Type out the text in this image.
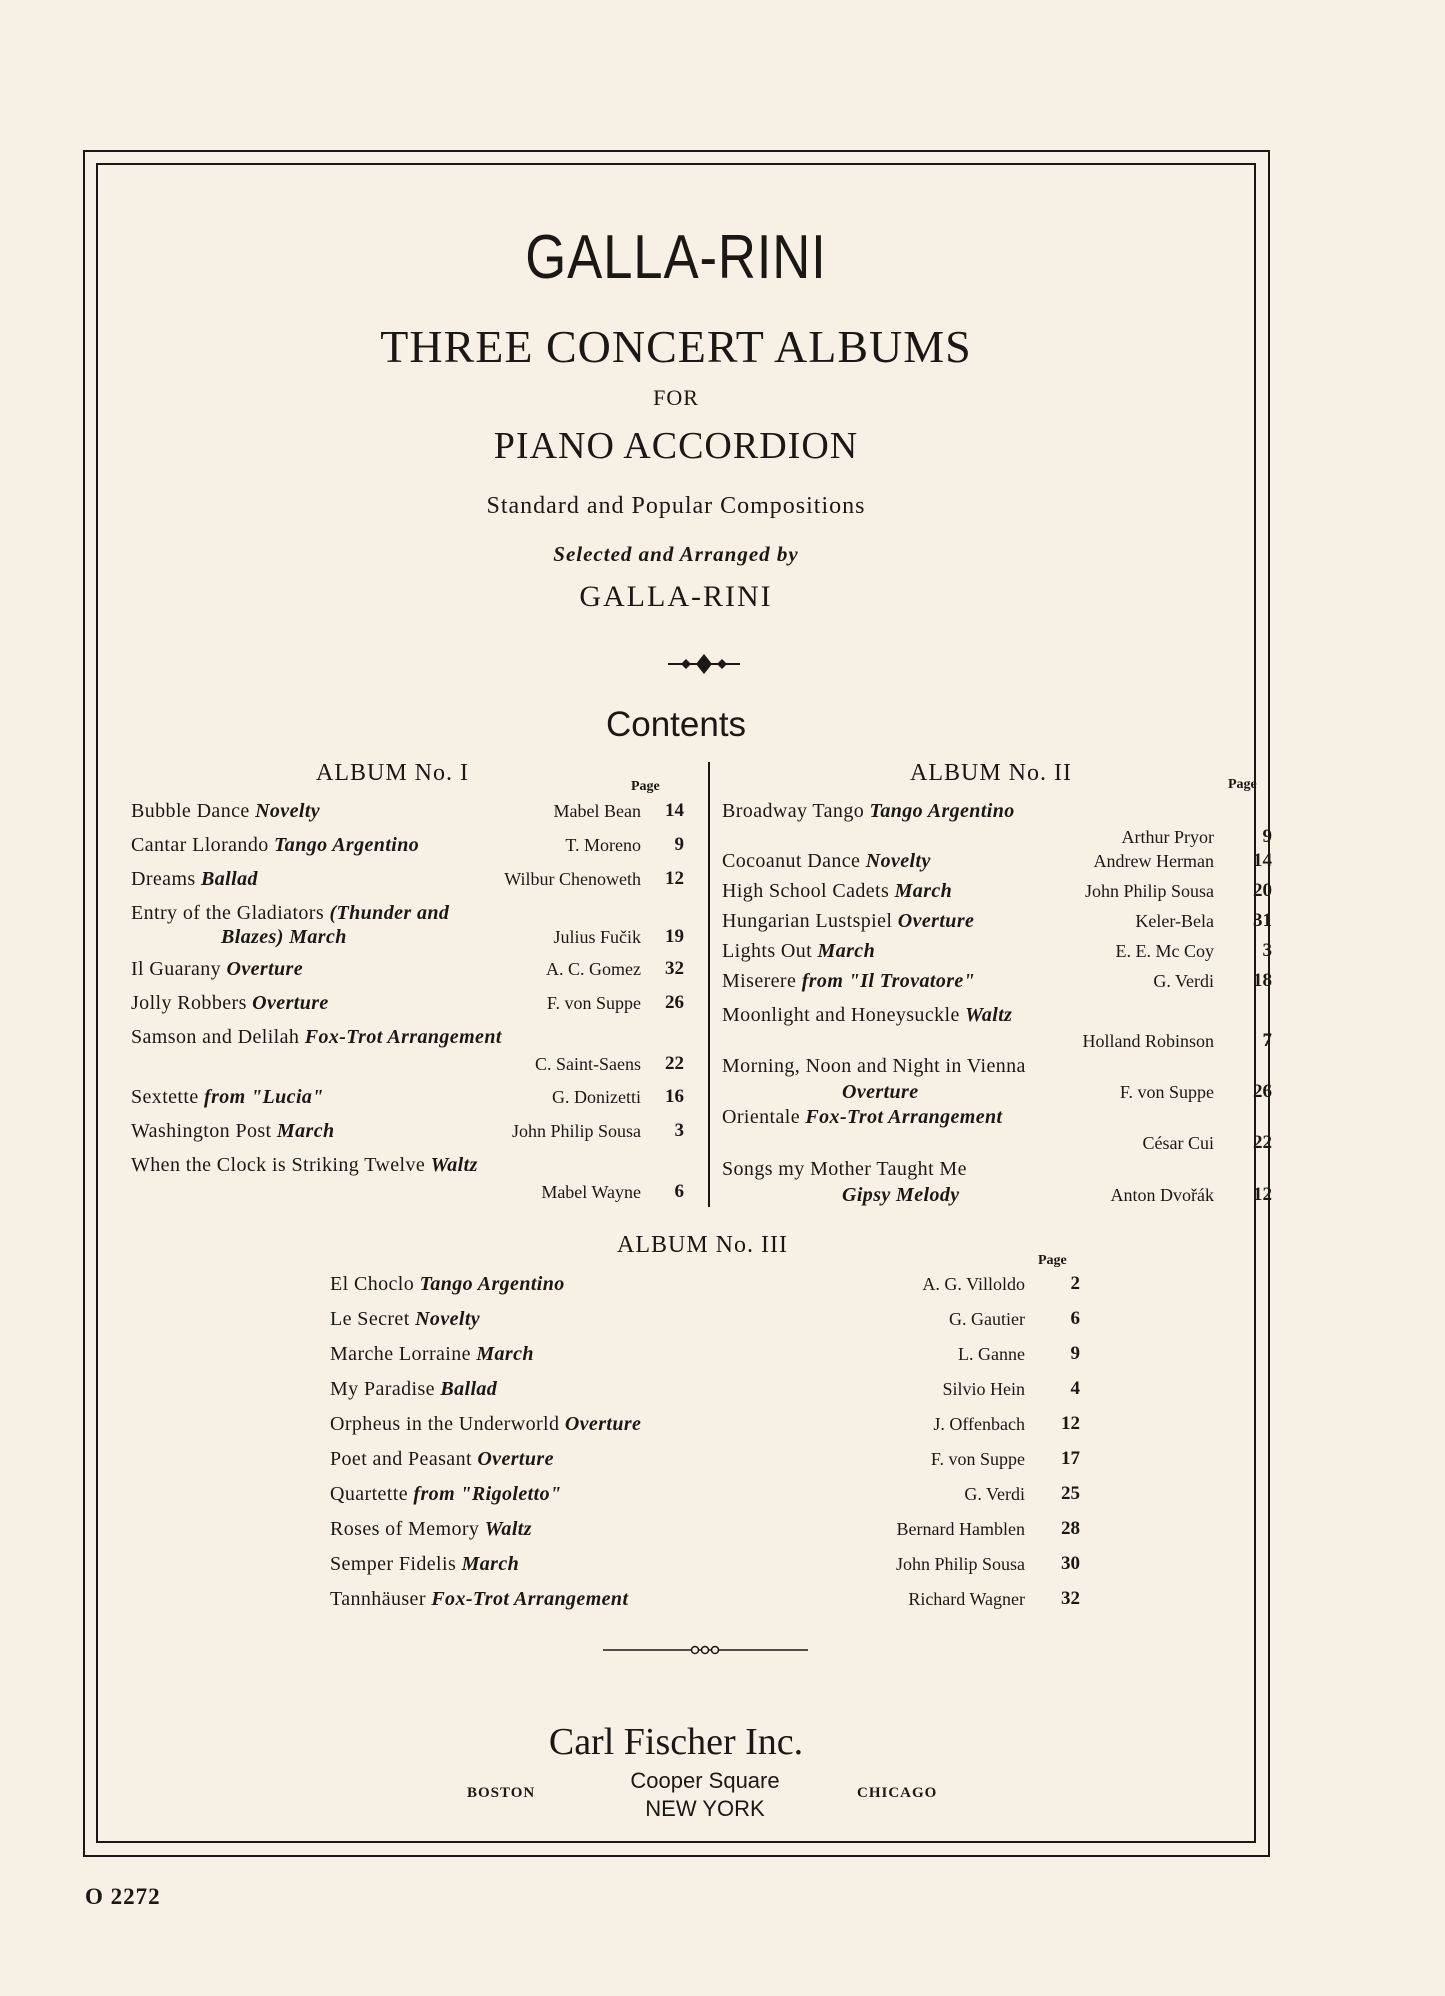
GALLA-RINI
THREE CONCERT ALBUMS
FOR
PIANO ACCORDION
Standard and Popular Compositions
Selected and Arranged by
GALLA-RINI
Contents
ALBUM No. I
Page
Bubble Dance Novelty	Mabel Bean	14
Cantar Llorando Tango Argentino	T. Moreno	9
Dreams Ballad	Wilbur Chenoweth	12
Entry of the Gladiators (Thunder and
Blazes) March	Julius Fučik	19
Il Guarany Overture	A. C. Gomez	32
Jolly Robbers Overture	F. von Suppe	26
Samson and Delilah Fox-Trot Arrangement
C. Saint-Saens	22
Sextette from "Lucia"	G. Donizetti	16
Washington Post March	John Philip Sousa	3
When the Clock is Striking Twelve Waltz
Mabel Wayne	6
ALBUM No. II	Page
Broadway Tango Tango Argentino
Arthur Pryor	9
Cocoanut Dance Novelty	Andrew Herman	14
High School Cadets March	John Philip Sousa	20
Hungarian Lustspiel Overture	Keler-Bela	31
Lights Out March	E. E. Mc Coy	3
Miserere from "Il Trovatore"	G. Verdi	18
Moonlight and Honeysuckle Waltz
Holland Robinson	7
Morning, Noon and Night in Vienna
Overture	F. von Suppe	26
Orientale Fox-Trot Arrangement
César Cui	22
Songs my Mother Taught Me
Gipsy Melody	Anton Dvořák	12
ALBUM No. III
Page
El Choclo Tango Argentino	A. G. Villoldo	2
Le Secret Novelty	G. Gautier	6
Marche Lorraine March	L. Ganne	9
My Paradise Ballad	Silvio Hein	4
Orpheus in the Underworld Overture	J. Offenbach	12
Poet and Peasant Overture	F. von Suppe	17
Quartette from "Rigoletto"	G. Verdi	25
Roses of Memory Waltz	Bernard Hamblen	28
Semper Fidelis March	John Philip Sousa	30
Tannhäuser Fox-Trot Arrangement	Richard Wagner	32
Carl Fischer Inc.
BOSTON	Cooper Square
NEW YORK
CHICAGO
O 2272
